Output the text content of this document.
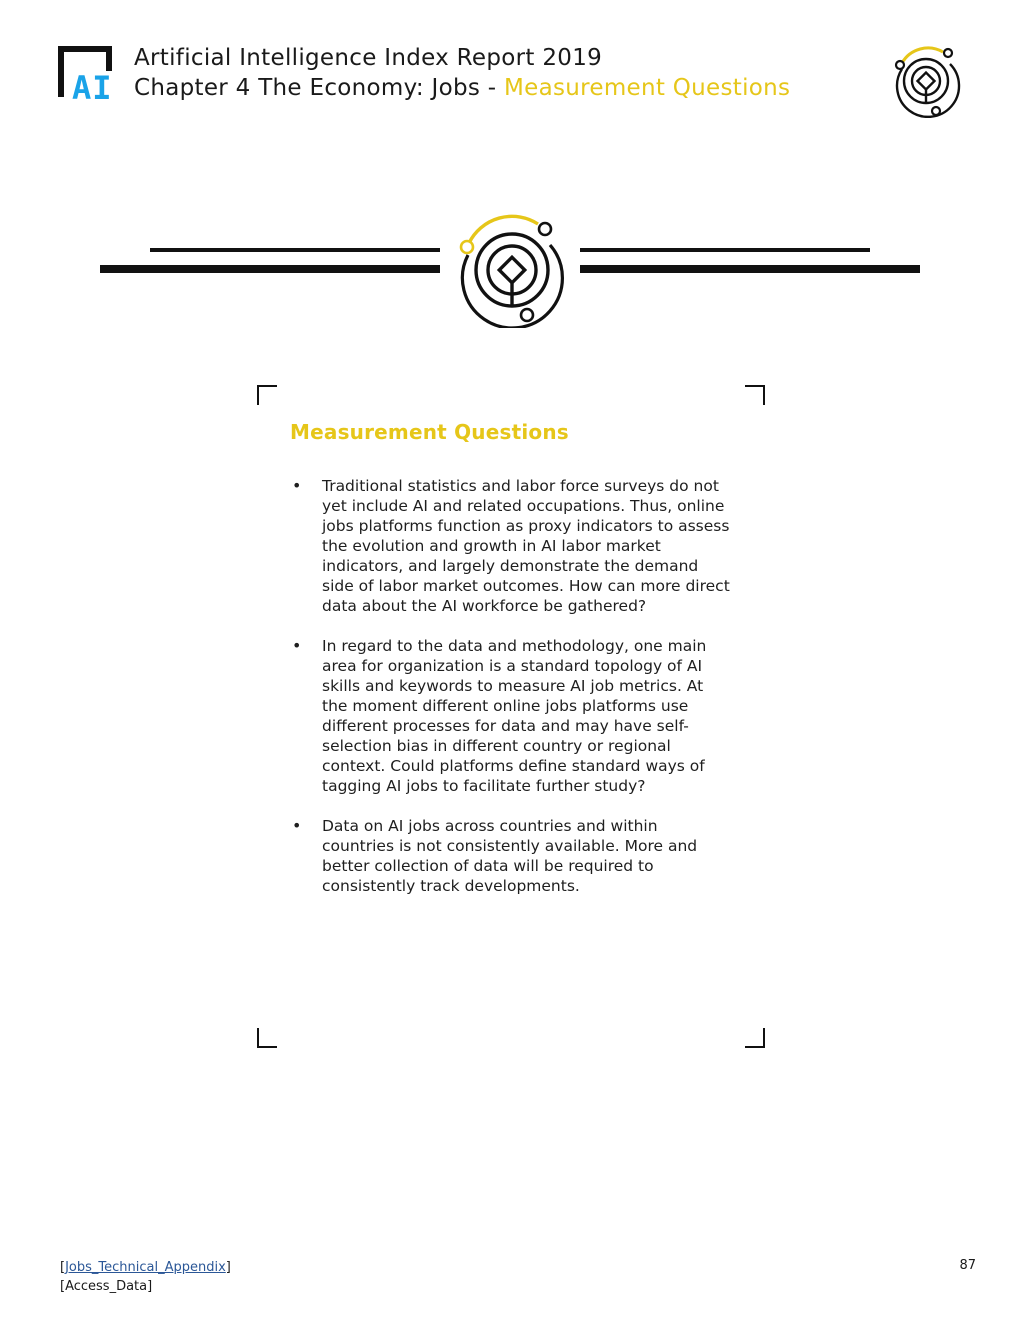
AI
Artificial Intelligence Index Report 2019
Chapter 4 The Economy: Jobs - Measurement Questions
Measurement Questions
• Traditional statistics and labor force surveys do not yet include AI and related occupations. Thus, online jobs platforms function as proxy indicators to assess the evolution and growth in AI labor market indicators, and largely demonstrate the demand side of labor market outcomes. How can more direct data about the AI workforce be gathered?
• In regard to the data and methodology, one main area for organization is a standard topology of AI skills and keywords to measure AI job metrics. At the moment different online jobs platforms use different processes for data and may have self-selection bias in different country or regional context. Could platforms define standard ways of tagging AI jobs to facilitate further study?
• Data on AI jobs across countries and within countries is not consistently available. More and better collection of data will be required to consistently track developments.
[Jobs_Technical_Appendix]
[Access_Data]
87
